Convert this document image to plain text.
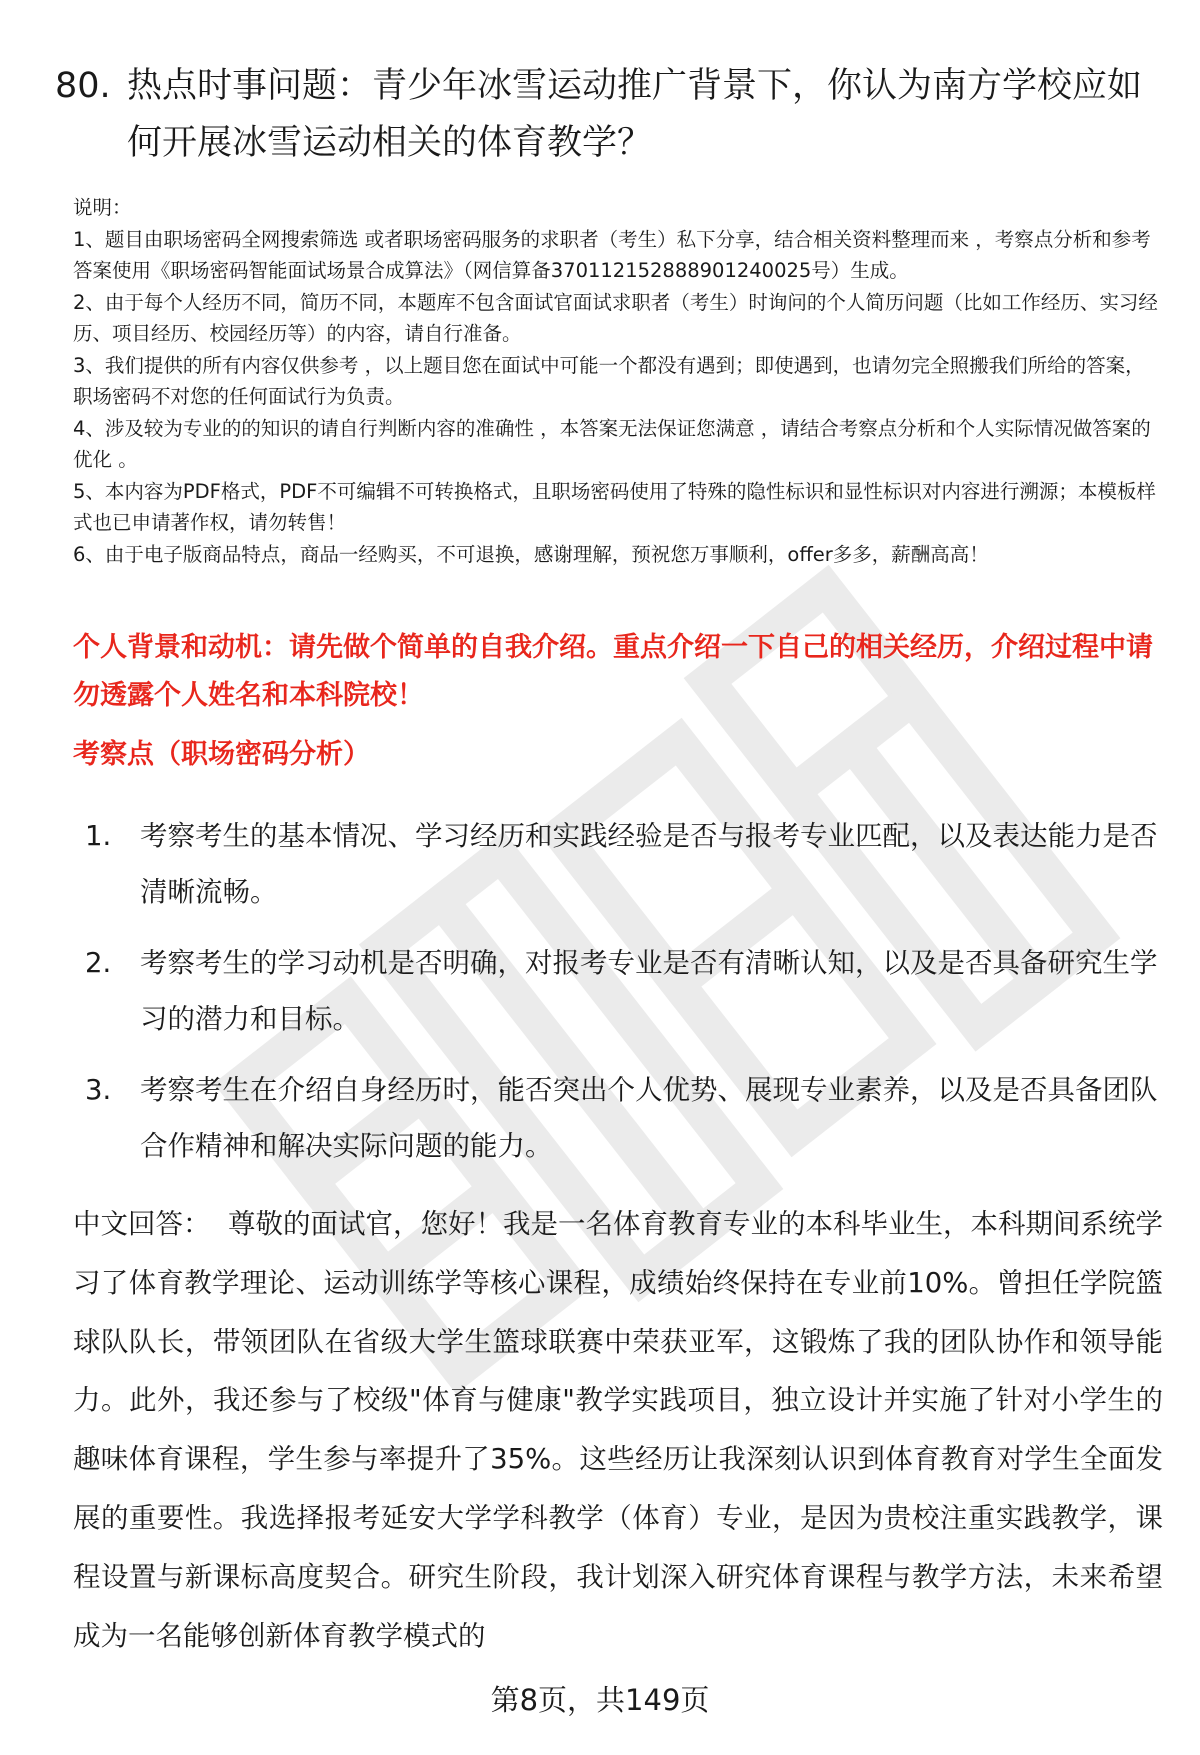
80. 热点时事问题：青少年冰雪运动推广背景下，你认为南方学校应如何开展冰雪运动相关的体育教学？

说明：

1、题目由职场密码全网搜索筛选 或者职场密码服务的求职者（考生）私下分享，结合相关资料整理而来 ，考察点分析和参考答案使用《职场密码智能面试场景合成算法》（网信算备370112152888901240025号）生成。

2、由于每个人经历不同，简历不同，本题库不包含面试官面试求职者（考生）时询问的个人简历问题（比如工作经历、实习经历、项目经历、校园经历等）的内容，请自行准备。

3、我们提供的所有内容仅供参考 ，以上题目您在面试中可能一个都没有遇到；即使遇到，也请勿完全照搬我们所给的答案，职场密码不对您的任何面试行为负责。

4、涉及较为专业的的知识的请自行判断内容的准确性 ，本答案无法保证您满意 ，请结合考察点分析和个人实际情况做答案的优化 。

5、本内容为PDF格式，PDF不可编辑不可转换格式，且职场密码使用了特殊的隐性标识和显性标识对内容进行溯源；本模板样式也已申请著作权，请勿转售！

6、由于电子版商品特点，商品一经购买，不可退换，感谢理解，预祝您万事顺利，offer多多，薪酬高高！

个人背景和动机：请先做个简单的自我介绍。重点介绍一下自己的相关经历，介绍过程中请勿透露个人姓名和本科院校！
考察点（职场密码分析）
1.	考察考生的基本情况、学习经历和实践经验是否与报考专业匹配，以及表达能力是否清晰流畅。
2.	考察考生的学习动机是否明确，对报考专业是否有清晰认知，以及是否具备研究生学习的潜力和目标。
3.	考察考生在介绍自身经历时，能否突出个人优势、展现专业素养，以及是否具备团队合作精神和解决实际问题的能力。

中文回答： 尊敬的面试官，您好！我是一名体育教育专业的本科毕业生，本科期间系统学习了体育教学理论、运动训练学等核心课程，成绩始终保持在专业前10%。曾担任学院篮球队队长，带领团队在省级大学生篮球联赛中荣获亚军，这锻炼了我的团队协作和领导能力。此外，我还参与了校级"体育与健康"教学实践项目，独立设计并实施了针对小学生的趣味体育课程，学生参与率提升了35%。这些经历让我深刻认识到体育教育对学生全面发展的重要性。我选择报考延安大学学科教学（体育）专业，是因为贵校注重实践教学，课程设置与新课标高度契合。研究生阶段，我计划深入研究体育课程与教学方法，未来希望成为一名能够创新体育教学模式的

第8页，共149页
